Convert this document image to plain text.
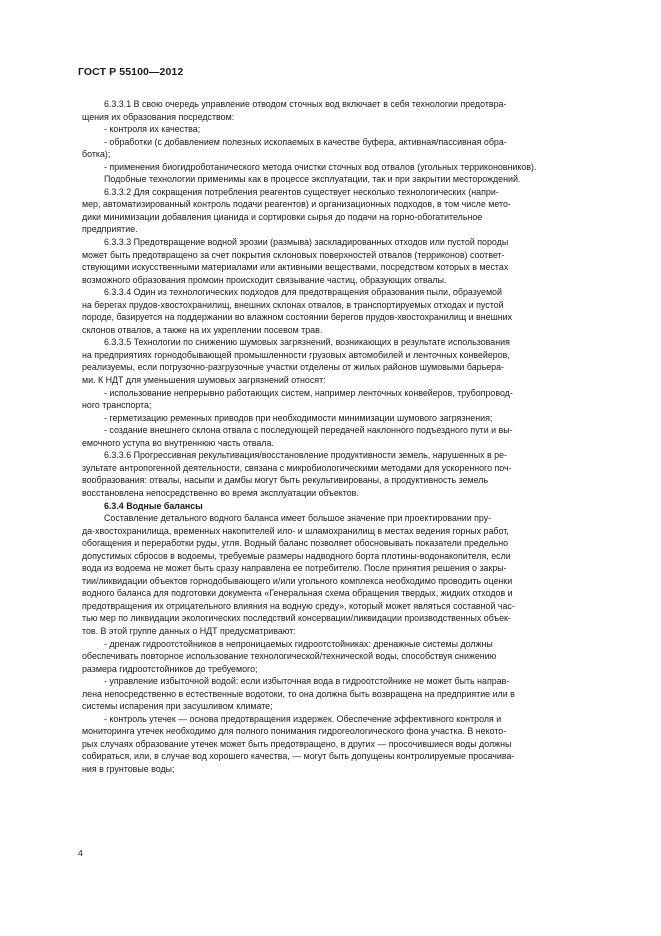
ГОСТ Р 55100—2012

6.3.3.1 В свою очередь управление отводом сточных вод включает в себя технологии предотвра-
щения их образования посредством:

- контроля их качества;

- обработки (с добавлением полезных ископаемых в качестве буфера, активная/пассивная обра-
ботка);

- применения биогидроботанического метода очистки сточных вод отвалов (угольных терриконовников).

Подобные технологии применимы как в процессе эксплуатации, так и при закрытии месторождений.

6.3.3.2 Для сокращения потребления реагентов существует несколько технологических (напри-
мер, автоматизированный контроль подачи реагентов) и организационных подходов, в том числе мето-
дики минимизации добавления цианида и сортировки сырья до подачи на горно-обогатительное
предприятие.

6.3.3.3 Предотвращение водной эрозии (размыва) заскладированных отходов или пустой породы
может быть предотвращено за счет покрытия склоновых поверхностей отвалов (терриконов) соответ-
ствующими искусственными материалами или активными веществами, посредством которых в местах
возможного образования промоин происходит связывание частиц, образующих отвалы.

6.3.3.4 Один из технологических подходов для предотвращения образования пыли, образуемой
на берегах прудов-хвостохранилищ, внешних склонах отвалов, в транспортируемых отходах и пустой
породе, базируется на поддержании во влажном состоянии берегов прудов-хвостохранилищ и внешних
склонов отвалов, а также на их укреплении посевом трав.

6.3.3.5 Технологии по снижению шумовых загрязнений, возникающих в результате использования
на предприятиях горнодобывающей промышленности грузовых автомобилей и ленточных конвейеров,
реализуемы, если погрузочно-разгрузочные участки отделены от жилых районов шумовыми барьера-
ми. К НДТ для уменьшения шумовых загрязнений относят:

- использование непрерывно работающих систем, например ленточных конвейеров, трубопровод-
ного транспорта;

- герметизацию ременных приводов при необходимости минимизации шумового загрязнения;

- создание внешнего склона отвала с последующей передачей наклонного подъездного пути и вы-
емочного уступа во внутреннюю часть отвала.

6.3.3.6 Прогрессивная рекультивация/восстановление продуктивности земель, нарушенных в ре-
зультате антропогенной деятельности, связана с микробиологическими методами для ускоренного поч-
вообразования: отвалы, насыпи и дамбы могут быть рекультивированы, а продуктивность земель
восстановлена непосредственно во время эксплуатации объектов.

6.3.4 Водные балансы

Составление детального водного баланса имеет большое значение при проектировании пру-
да-хвостохранилища, временных накопителей ило- и шламохранилищ в местах ведения горных работ,
обогащения и переработки руды, угля. Водный баланс позволяет обосновывать показатели предельно
допустимых сбросов в водоемы, требуемые размеры надводного борта плотины-водонакопителя, если
вода из водоема не может быть сразу направлена ее потребителю. После принятия решения о закры-
тии/ликвидации объектов горнодобывающего и/или угольного комплекса необходимо проводить оценки
водного баланса для подготовки документа «Генеральная схема обращения твердых, жидких отходов и
предотвращения их отрицательного влияния на водную среду», который может являться составной час-
тью мер по ликвидации экологических последствий консервации/ликвидации производственных объек-
тов. В этой группе данных о НДТ предусматривают:

- дренаж гидроотстойников в непроницаемых гидроотстойниках: дренажные системы должны
обеспечивать повторное использование технологической/технической воды, способствуя снижению
размера гидроотстойников до требуемого;

- управление избыточной водой: если избыточная вода в гидроотстойнике не может быть направ-
лена непосредственно в естественные водотоки, то она должна быть возвращена на предприятие или в
системы испарения при засушливом климате;

- контроль утечек — основа предотвращения издержек. Обеспечение эффективного контроля и
мониторинга утечек необходимо для полного понимания гидрогеологического фона участка. В некото-
рых случаях образование утечек может быть предотвращено, в других — просочившиеся воды должны
собираться, или, в случае вод хорошего качества, — могут быть допущены контролируемые просачива-
ния в грунтовые воды;

4
